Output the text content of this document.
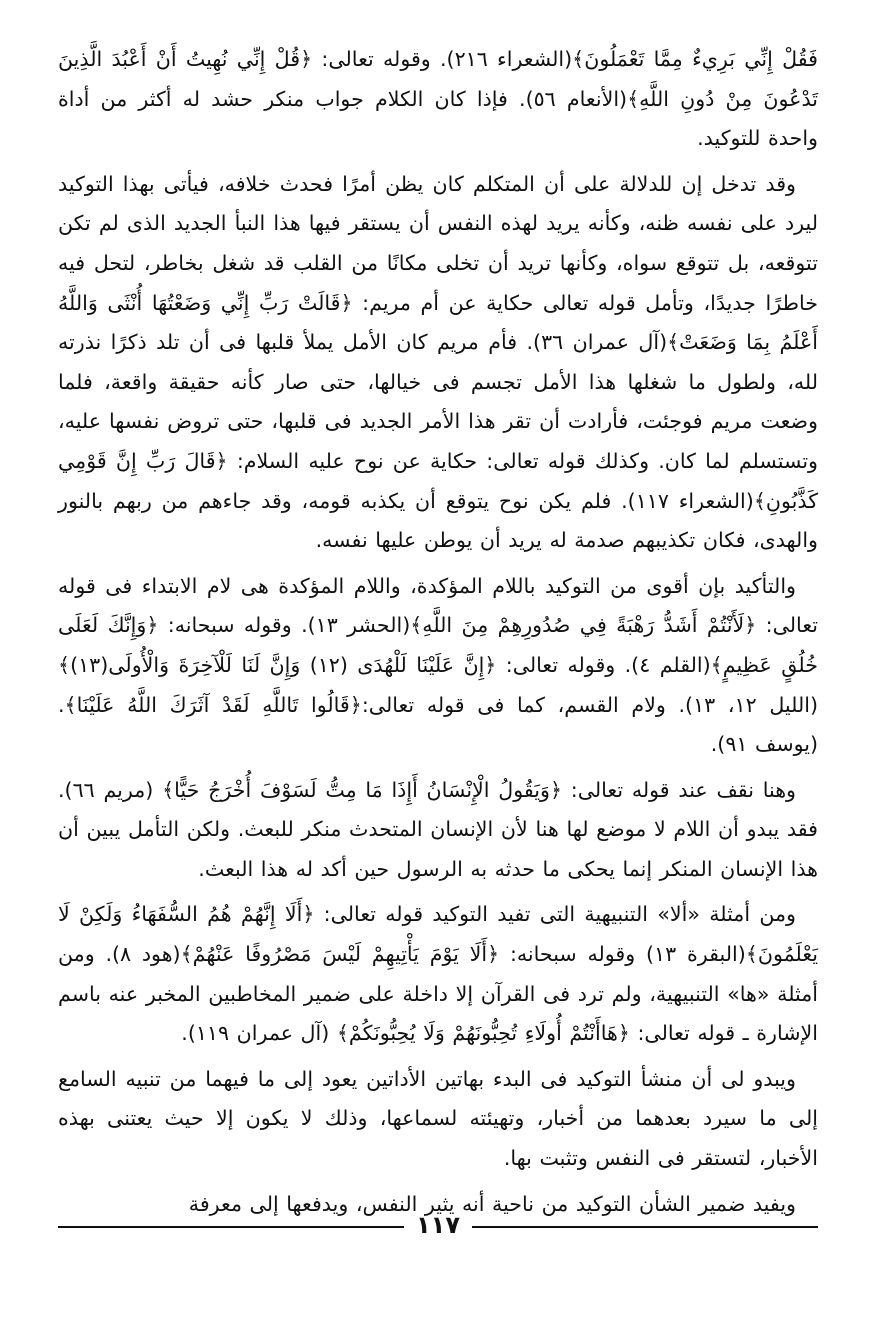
فَقُلْ إِنِّي بَرِيءٌ مِمَّا تَعْمَلُونَ﴾(الشعراء ٢١٦). وقوله تعالى: ﴿قُلْ إِنِّي نُهِيتُ أَنْ أَعْبُدَ الَّذِينَ تَدْعُونَ مِنْ دُونِ اللَّهِ﴾(الأنعام ٥٦). فإذا كان الكلام جواب منكر حشد له أكثر من أداة واحدة للتوكيد.

وقد تدخل إن للدلالة على أن المتكلم كان يظن أمرًا فحدث خلافه، فيأتى بهذا التوكيد ليرد على نفسه ظنه، وكأنه يريد لهذه النفس أن يستقر فيها هذا النبأ الجديد الذى لم تكن تتوقعه، بل تتوقع سواه، وكأنها تريد أن تخلى مكانًا من القلب قد شغل بخاطر، لتحل فيه خاطرًا جديدًا، وتأمل قوله تعالى حكاية عن أم مريم: ﴿قَالَتْ رَبِّ إِنِّي وَضَعْتُهَا أُنْثَى وَاللَّهُ أَعْلَمُ بِمَا وَضَعَتْ﴾(آل عمران ٣٦). فأم مريم كان الأمل يملأ قلبها فى أن تلد ذكرًا نذرته لله، ولطول ما شغلها هذا الأمل تجسم فى خيالها، حتى صار كأنه حقيقة واقعة، فلما وضعت مريم فوجئت، فأرادت أن تقر هذا الأمر الجديد فى قلبها، حتى تروض نفسها عليه، وتستسلم لما كان. وكذلك قوله تعالى: حكاية عن نوح عليه السلام: ﴿قَالَ رَبِّ إِنَّ قَوْمِي كَذَّبُونِ﴾(الشعراء ١١٧). فلم يكن نوح يتوقع أن يكذبه قومه، وقد جاءهم من ربهم بالنور والهدى، فكان تكذيبهم صدمة له يريد أن يوطن عليها نفسه.

والتأكيد بإن أقوى من التوكيد باللام المؤكدة، واللام المؤكدة هى لام الابتداء فى قوله تعالى: ﴿لَأَنْتُمْ أَشَدُّ رَهْبَةً فِي صُدُورِهِمْ مِنَ اللَّهِ﴾(الحشر ١٣). وقوله سبحانه: ﴿وَإِنَّكَ لَعَلَى خُلُقٍ عَظِيمٍ﴾(القلم ٤). وقوله تعالى: ﴿إِنَّ عَلَيْنَا لَلْهُدَى (١٢) وَإِنَّ لَنَا لَلْآخِرَةَ وَالْأُولَى(١٣)﴾(الليل ١٢، ١٣). ولام القسم، كما فى قوله تعالى:﴿قَالُوا تَاللَّهِ لَقَدْ آثَرَكَ اللَّهُ عَلَيْنَا﴾. (يوسف ٩١).

وهنا نقف عند قوله تعالى: ﴿وَيَقُولُ الْإِنْسَانُ أَإِذَا مَا مِتُّ لَسَوْفَ أُخْرَجُ حَيًّا﴾ (مريم ٦٦). فقد يبدو أن اللام لا موضع لها هنا لأن الإنسان المتحدث منكر للبعث. ولكن التأمل يبين أن هذا الإنسان المنكر إنما يحكى ما حدثه به الرسول حين أكد له هذا البعث.

ومن أمثلة «ألا» التنبيهية التى تفيد التوكيد قوله تعالى: ﴿أَلَا إِنَّهُمْ هُمُ السُّفَهَاءُ وَلَكِنْ لَا يَعْلَمُونَ﴾(البقرة ١٣) وقوله سبحانه: ﴿أَلَا يَوْمَ يَأْتِيهِمْ لَيْسَ مَصْرُوفًا عَنْهُمْ﴾(هود ٨). ومن أمثلة «ها» التنبيهية، ولم ترد فى القرآن إلا داخلة على ضمير المخاطبين المخبر عنه باسم الإشارة ـ قوله تعالى: ﴿هَاأَنْتُمْ أُولَاءِ تُحِبُّونَهُمْ وَلَا يُحِبُّونَكُمْ﴾ (آل عمران ١١٩).

ويبدو لى أن منشأ التوكيد فى البدء بهاتين الأداتين يعود إلى ما فيهما من تنبيه السامع إلى ما سيرد بعدهما من أخبار، وتهيئته لسماعها، وذلك لا يكون إلا حيث يعتنى بهذه الأخبار، لتستقر فى النفس وتثبت بها.

ويفيد ضمير الشأن التوكيد من ناحية أنه يثير النفس، ويدفعها إلى معرفة

١١٧
